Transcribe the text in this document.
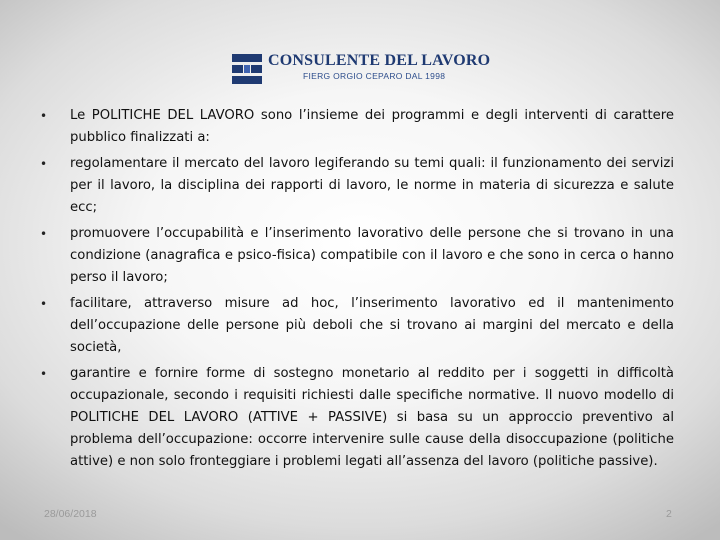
CONSULENTE DEL LAVORO
FIERG ORGIO CEPARO DAL 1998
• Le POLITICHE DEL LAVORO sono l’insieme dei programmi e degli interventi di carattere pubblico finalizzati a:
• regolamentare il mercato del lavoro legiferando su temi quali: il funzionamento dei servizi per il lavoro, la disciplina dei rapporti di lavoro, le norme in materia di sicurezza e salute ecc;
• promuovere l’occupabilità e l’inserimento lavorativo delle persone che si trovano in una condizione (anagrafica e psico-fisica) compatibile con il lavoro e che sono in cerca o hanno perso il lavoro;
• facilitare, attraverso misure ad hoc, l’inserimento lavorativo ed il mantenimento dell’occupazione delle persone più deboli che si trovano ai margini del mercato e della società,
• garantire e fornire forme di sostegno monetario al reddito per i soggetti in difficoltà occupazionale, secondo i requisiti richiesti dalle specifiche normative. Il nuovo modello di POLITICHE DEL LAVORO (ATTIVE + PASSIVE) si basa su un approccio preventivo al problema dell’occupazione: occorre intervenire sulle cause della disoccupazione (politiche attive) e non solo fronteggiare i problemi legati all’assenza del lavoro (politiche passive).
28/06/2018	2
